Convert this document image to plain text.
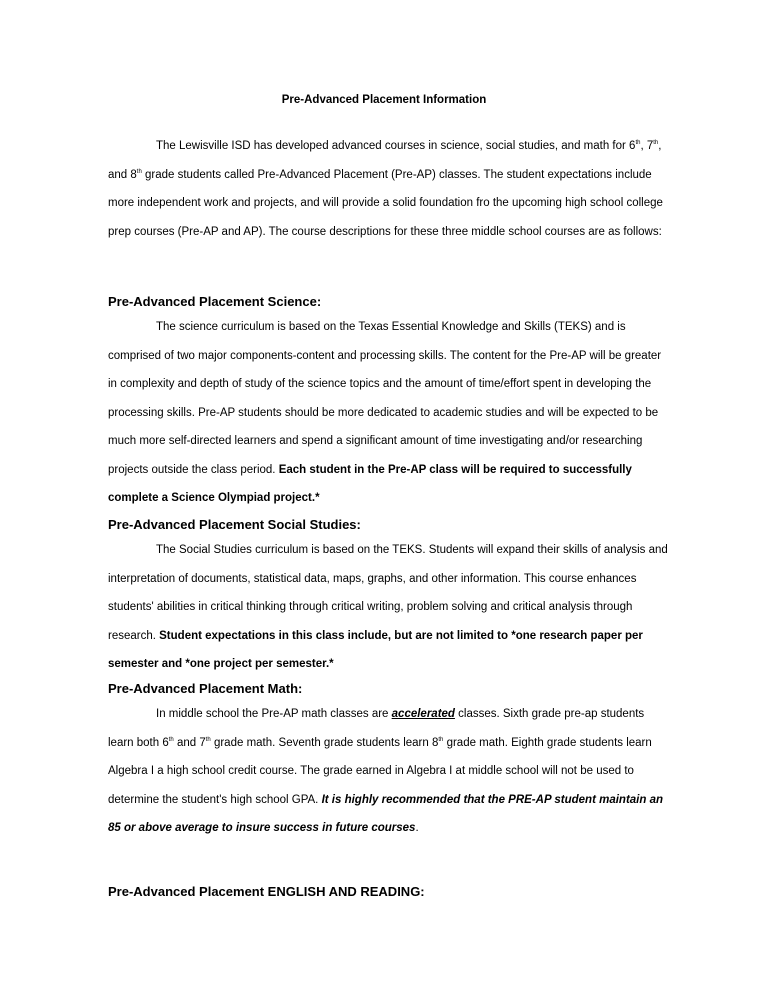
Pre-Advanced Placement Information

The Lewisville ISD has developed advanced courses in science, social studies, and math for 6th, 7th, and 8th grade students called Pre-Advanced Placement (Pre-AP) classes. The student expectations include more independent work and projects, and will provide a solid foundation fro the upcoming high school college prep courses (Pre-AP and AP). The course descriptions for these three middle school courses are as follows:

Pre-Advanced Placement Science:

The science curriculum is based on the Texas Essential Knowledge and Skills (TEKS) and is comprised of two major components-content and processing skills. The content for the Pre-AP will be greater in complexity and depth of study of the science topics and the amount of time/effort spent in developing the processing skills. Pre-AP students should be more dedicated to academic studies and will be expected to be much more self-directed learners and spend a significant amount of time investigating and/or researching projects outside the class period. Each student in the Pre-AP class will be required to successfully complete a Science Olympiad project.*

Pre-Advanced Placement Social Studies:

The Social Studies curriculum is based on the TEKS. Students will expand their skills of analysis and interpretation of documents, statistical data, maps, graphs, and other information. This course enhances students' abilities in critical thinking through critical writing, problem solving and critical analysis through research. Student expectations in this class include, but are not limited to *one research paper per semester and *one project per semester.*

Pre-Advanced Placement Math:

In middle school the Pre-AP math classes are accelerated classes. Sixth grade pre-ap students learn both 6th and 7th grade math. Seventh grade students learn 8th grade math. Eighth grade students learn Algebra I a high school credit course. The grade earned in Algebra I at middle school will not be used to determine the student's high school GPA. It is highly recommended that the PRE-AP student maintain an 85 or above average to insure success in future courses.

Pre-Advanced Placement ENGLISH AND READING:
